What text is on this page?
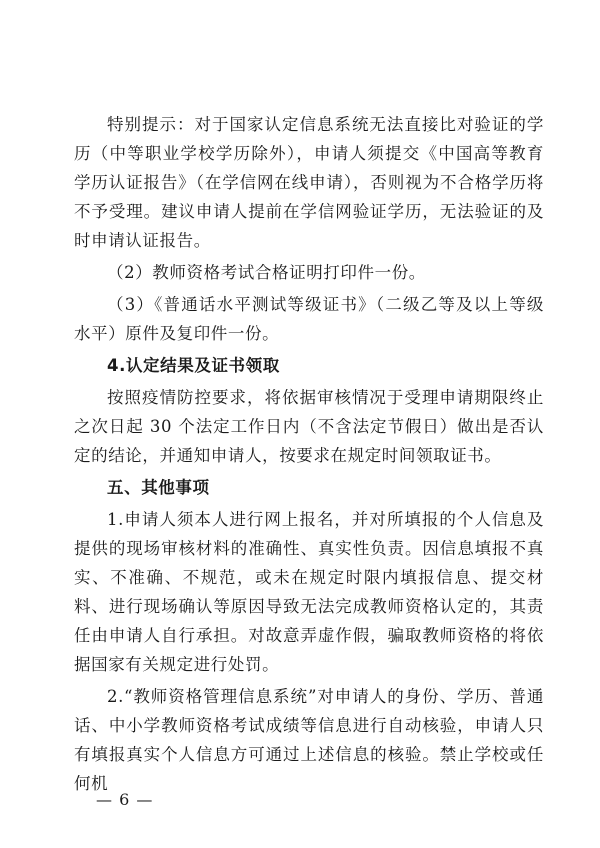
特别提示：对于国家认定信息系统无法直接比对验证的学历（中等职业学校学历除外），申请人须提交《中国高等教育学历认证报告》（在学信网在线申请），否则视为不合格学历将不予受理。建议申请人提前在学信网验证学历，无法验证的及时申请认证报告。

（2）教师资格考试合格证明打印件一份。

（3）《普通话水平测试等级证书》（二级乙等及以上等级水平）原件及复印件一份。

4.认定结果及证书领取

按照疫情防控要求，将依据审核情况于受理申请期限终止之次日起 30 个法定工作日内（不含法定节假日）做出是否认定的结论，并通知申请人，按要求在规定时间领取证书。

五、其他事项

1.申请人须本人进行网上报名，并对所填报的个人信息及提供的现场审核材料的准确性、真实性负责。因信息填报不真实、不准确、不规范，或未在规定时限内填报信息、提交材料、进行现场确认等原因导致无法完成教师资格认定的，其责任由申请人自行承担。对故意弄虚作假，骗取教师资格的将依据国家有关规定进行处罚。

2.“教师资格管理信息系统”对申请人的身份、学历、普通话、中小学教师资格考试成绩等信息进行自动核验，申请人只有填报真实个人信息方可通过上述信息的核验。禁止学校或任何机

— 6 —
